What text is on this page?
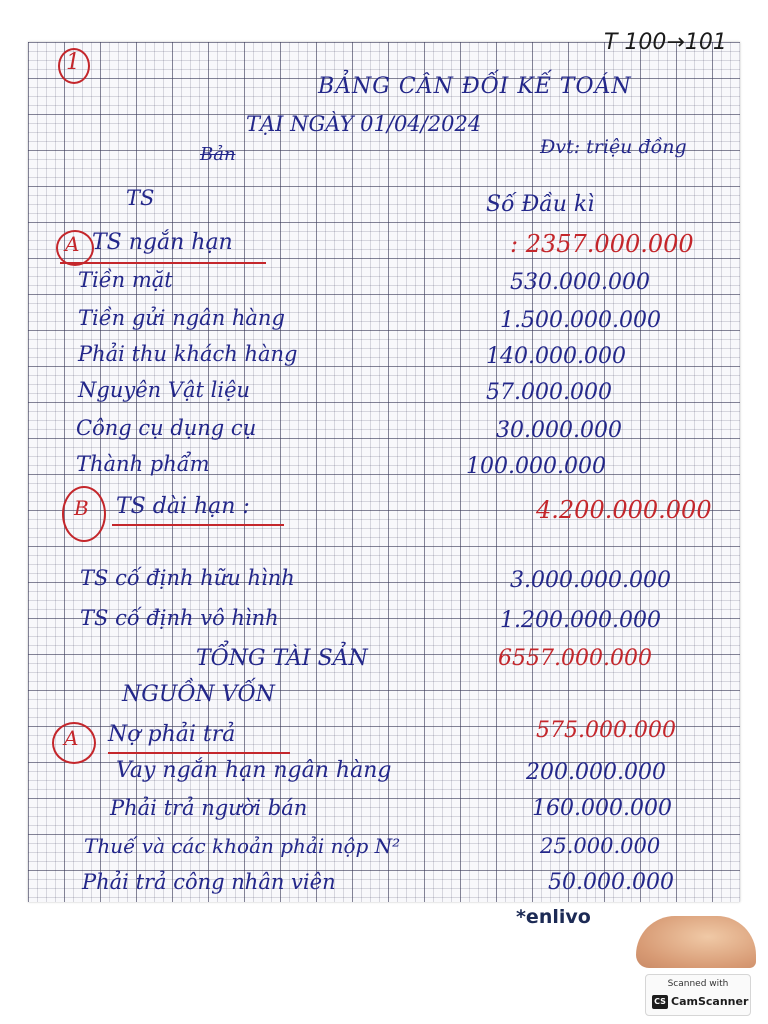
T 100→101
1
BẢNG CÂN ĐỐI KẾ TOÁN
TẠI NGÀY 01/04/2024
Bản	Đvt: triệu đồng
TS	Số Đầu kì
A TS ngắn hạn	: 2357.000.000
Tiền mặt	530.000.000
Tiền gửi ngân hàng	1.500.000.000
Phải thu khách hàng	140.000.000
Nguyên Vật liệu	57.000.000
Công cụ dụng cụ	30.000.000
Thành phẩm	100.000.000
B TS dài hạn :	4.200.000.000
TS cố định hữu hình	3.000.000.000
TS cố định vô hình	1.200.000.000
TỔNG TÀI SẢN	6557.000.000
NGUỒN VỐN
A Nợ phải trả	575.000.000
Vay ngắn hạn ngân hàng	200.000.000
Phải trả người bán	160.000.000
Thuế và các khoản phải nộp N²	25.000.000
Phải trả công nhân viên	50.000.000
*enlivo
Scanned with
CS CamScanner
